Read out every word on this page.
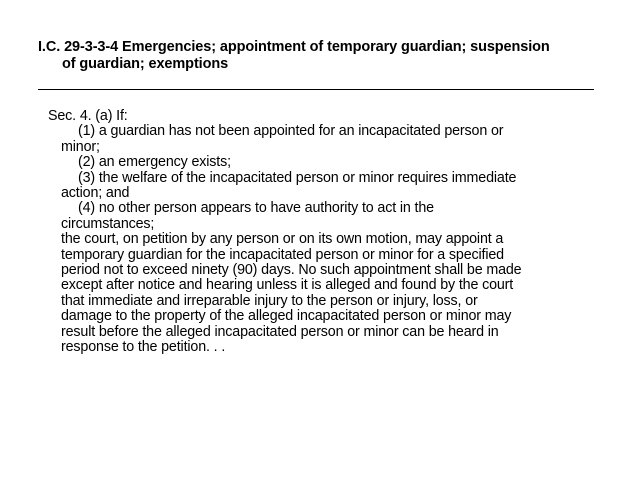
I.C. 29-3-3-4 Emergencies; appointment of temporary guardian; suspension
of guardian; exemptions
Sec. 4. (a) If:
(1) a guardian has not been appointed for an incapacitated person or
minor;
(2) an emergency exists;
(3) the welfare of the incapacitated person or minor requires immediate
action; and
(4) no other person appears to have authority to act in the
circumstances;
the court, on petition by any person or on its own motion, may appoint a
temporary guardian for the incapacitated person or minor for a specified
period not to exceed ninety (90) days. No such appointment shall be made
except after notice and hearing unless it is alleged and found by the court
that immediate and irreparable injury to the person or injury, loss, or
damage to the property of the alleged incapacitated person or minor may
result before the alleged incapacitated person or minor can be heard in
response to the petition. . .
